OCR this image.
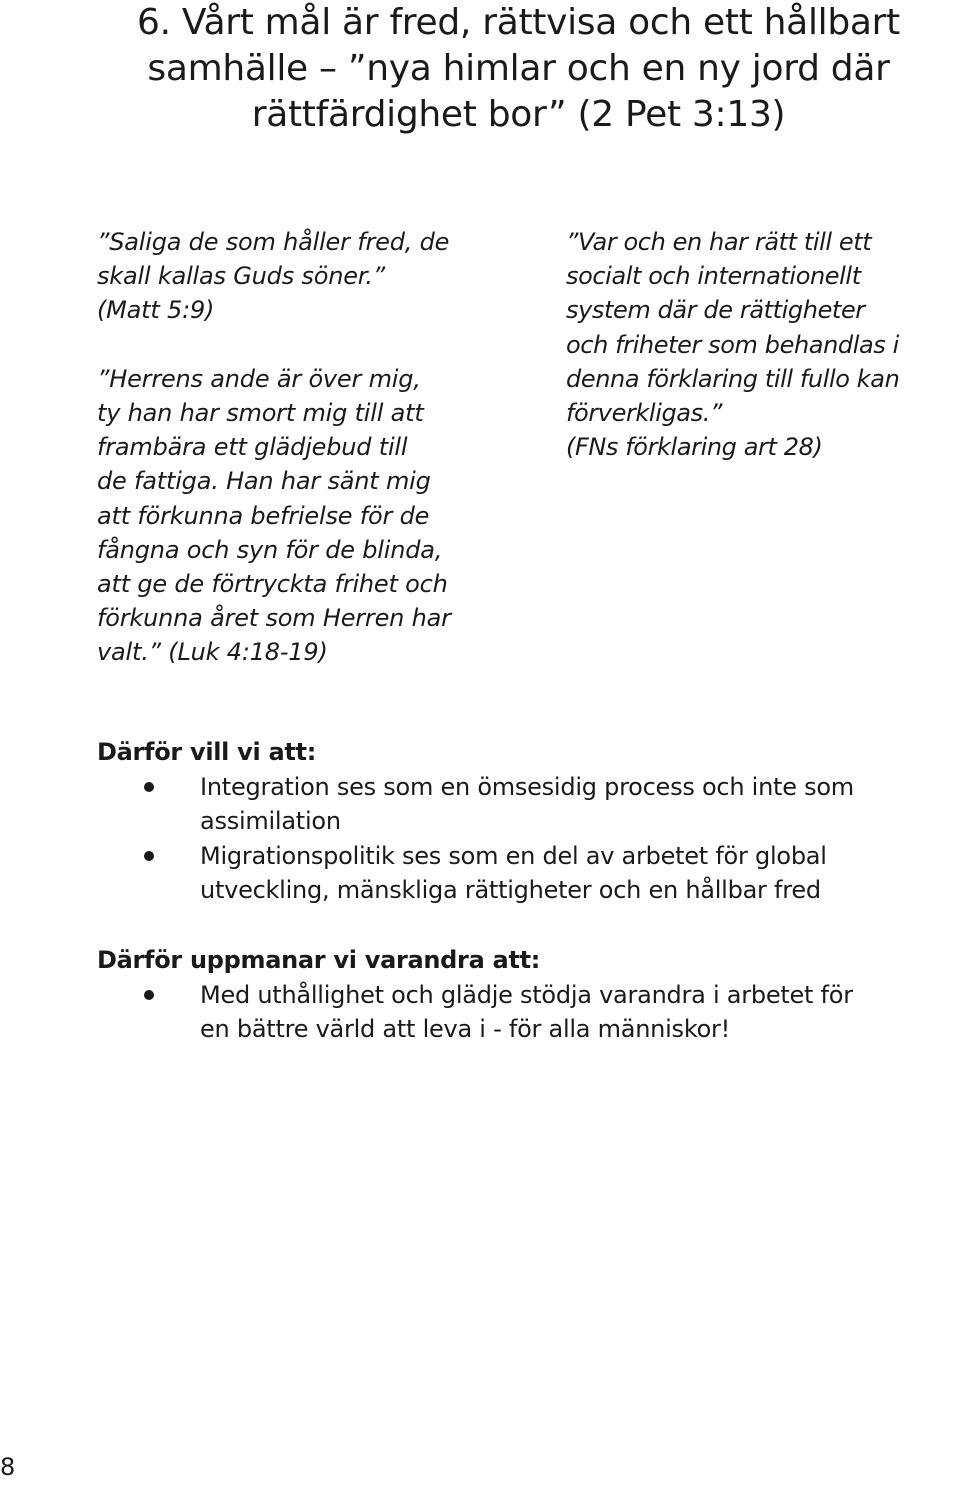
6. Vårt mål är fred, rättvisa och ett hållbart
samhälle – ”nya himlar och en ny jord där
rättfärdighet bor” (2 Pet 3:13)
”Saliga de som håller fred, de
skall kallas Guds söner.”
(Matt 5:9)

”Herrens ande är över mig,
ty han har smort mig till att
frambära ett glädjebud till
de fattiga. Han har sänt mig
att förkunna befrielse för de
fångna och syn för de blinda,
att ge de förtryckta frihet och
förkunna året som Herren har
valt.” (Luk 4:18-19)
”Var och en har rätt till ett
socialt och internationellt
system där de rättigheter
och friheter som behandlas i
denna förklaring till fullo kan
förverkligas.”
(FNs förklaring art 28)
Därför vill vi att:
Integration ses som en ömsesidig process och inte som
assimilation
Migrationspolitik ses som en del av arbetet för global
utveckling, mänskliga rättigheter och en hållbar fred
Därför uppmanar vi varandra att:
Med uthållighet och glädje stödja varandra i arbetet för
en bättre värld att leva i - för alla människor!
8
